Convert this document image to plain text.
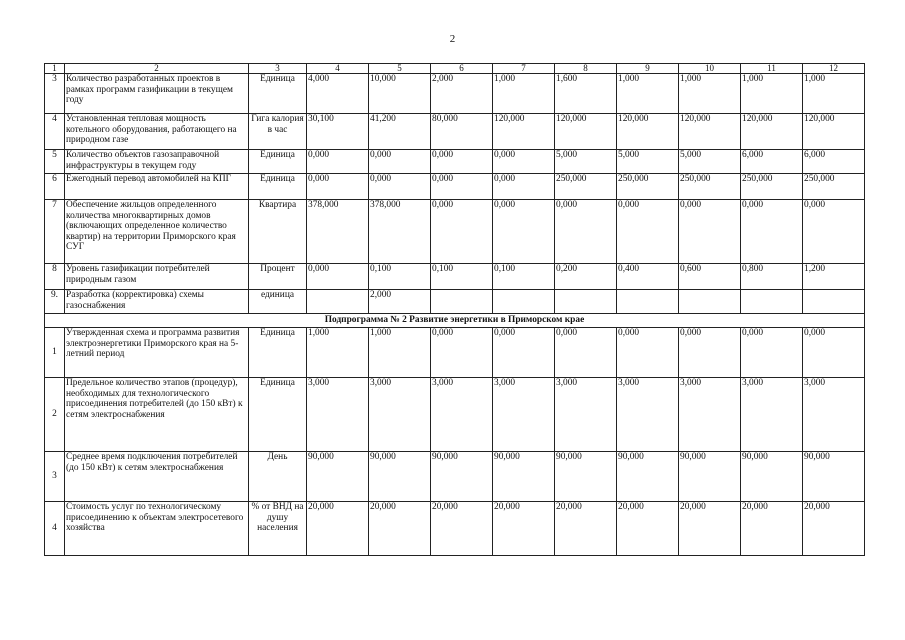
2
1	2	3	4	5	6	7	8	9	10	11	12
3	Количество разработанных проектов в рамках программ газификации в текущем году	Единица	4,000	10,000	2,000	1,000	1,600	1,000	1,000	1,000	1,000
4	Установленная тепловая мощность котельного оборудования, работающего на природном газе	Гига калория в час	30,100	41,200	80,000	120,000	120,000	120,000	120,000	120,000	120,000
5	Количество объектов газозаправочной инфраструктуры в текущем году	Единица	0,000	0,000	0,000	0,000	5,000	5,000	5,000	6,000	6,000
6	Ежегодный перевод автомобилей на КПГ	Единица	0,000	0,000	0,000	0,000	250,000	250,000	250,000	250,000	250,000
7	Обеспечение жильцов определенного количества многоквартирных домов (включающих определенное количество квартир) на территории Приморского края СУГ	Квартира	378,000	378,000	0,000	0,000	0,000	0,000	0,000	0,000	0,000
8	Уровень газификации потребителей природным газом	Процент	0,000	0,100	0,100	0,100	0,200	0,400	0,600	0,800	1,200
9.	Разработка (корректировка) схемы газоснабжения	единица		2,000							
Подпрограмма № 2 Развитие энергетики в Приморском крае											
1	Утвержденная схема и программа развития электроэнергетики Приморского края на 5-летний период	Единица	1,000	1,000	0,000	0,000	0,000	0,000	0,000	0,000	0,000
2	Предельное количество этапов (процедур), необходимых для технологического присоединения потребителей (до 150 кВт) к сетям электроснабжения	Единица	3,000	3,000	3,000	3,000	3,000	3,000	3,000	3,000	3,000
3	Среднее время подключения потребителей (до 150 кВт) к сетям электроснабжения	День	90,000	90,000	90,000	90,000	90,000	90,000	90,000	90,000	90,000
4	Стоимость услуг по технологическому присоединению к объектам электросетевого хозяйства	% от ВНД на душу населения	20,000	20,000	20,000	20,000	20,000	20,000	20,000	20,000	20,000
